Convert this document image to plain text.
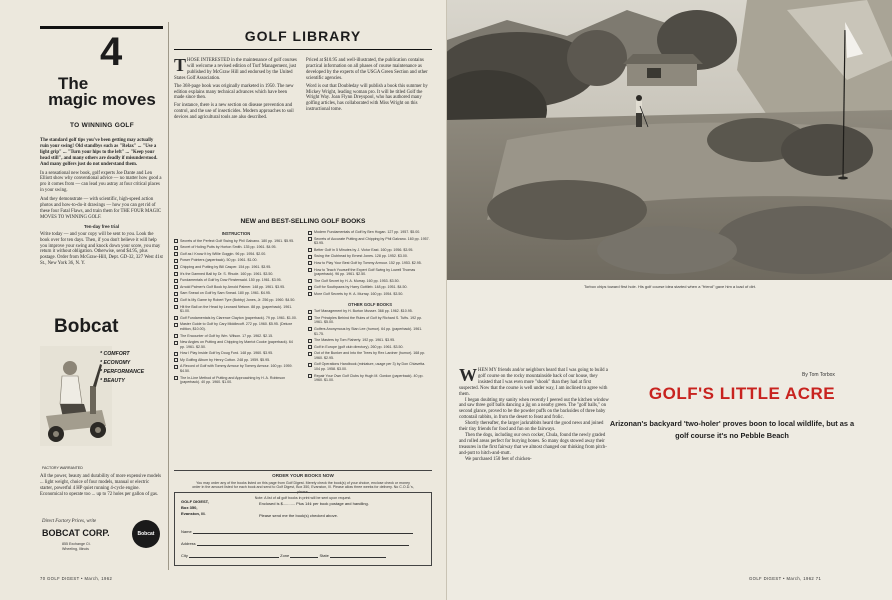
The
4
magic moves
TO WINNING GOLF

The standard golf tips you've been getting may actually ruin your swing! Old standbys such as "Relax" ... "Use a light grip" ... "Turn your hips to the left" ... "Keep your head still", and many others are deadly if misunderstood. And many golfers just do not understand them.

In a sensational new book, golf experts Joe Dante and Len Elliott show why conventional advice — no matter how good a pro it comes from — can lead you astray at four critical places in your swing.

And they demonstrate — with scientific, high-speed action photos and how-to-do-it drawings — how you can get rid of these four Fatal Flaws, and train them for THE FOUR MAGIC MOVES TO WINNING GOLF.

Ten-day free trial

Write today — and your copy will be sent to you. Look the book over for ten days. Then, if you don't believe it will help you improve your swing and knock down your score, you may return it without obligation. Otherwise, send $4.95, plus postage. Order from McGraw-Hill, Dept. GD-32, 327 West 41st St., New York 36, N. Y.

Bobcat
* COMFORT
* ECONOMY
* PERFORMANCE
* BEAUTY
FACTORY WARRANTED
All the power, beauty and durability of more expensive models ... light weight, choice of four models, manual or electric starter, powerful 4 HP quiet running 4-cycle engine. Economical to operate too ... up to 72 holes per gallon of gas.
Direct Factory Prices, write
BOBCAT CORP.
855 Exchange Ct.
Wheeling, Illinois
Bobcat
GOLF LIBRARY

THOSE INTERESTED in the maintenance of golf courses will welcome a revised edition of Turf Management, just published by McGraw Hill and endorsed by the United States Golf Association.

The 368-page book was originally marketed in 1950. The new edition explains many technical advances which have been made since then.

For instance, there is a new section on disease prevention and control, and the use of insecticides. Modern approaches to soil devices and agricultural tools are also described.

Priced at $10.95 and well-illustrated, the publication contains practical information on all phases of course maintenance as developed by the experts of the USGA Green Section and other scientific agencies.

Word is out that Doubleday will publish a book this summer by Mickey Wright, leading woman pro. It will be titled Golf the Wright Way. Joan Flynn Dreyspool, who has authored many golfing articles, has collaborated with Miss Wright on this instructional tome.

NEW and BEST-SELLING GOLF BOOKS
INSTRUCTION
Secrets of the Perfect Golf Swing by Phil Galvano. 180 pp. 1961. $5.95.
Secret of Holing Putts by Horton Smith. 135 pp. 1961. $4.95.
Golf as I Know It by Willie Goggin. 96 pp. 1954. $2.00.
Power Pointers (paperback). 50 pp. 1961. $1.00.
Chipping and Putting by Bill Casper. 154 pp. 1961. $3.95.
It's the Damned Ball by Dr. S. Rhude. 160 pp. 1961. $3.50.
Fundamentals of Golf by Dow Finsterwald. 150 pp. 1961. $3.95.
Arnold Palmer's Golf Book by Arnold Palmer. 148 pp. 1961. $3.95.
Sam Snead on Golf by Sam Snead. 180 pp. 1961. $4.95.
Golf Is My Game by Robert Tyre (Bobby) Jones, Jr. 256 pp. 1960. $4.50.
Hit the Ball on the Head by Leonard Nelson. 88 pp. (paperback). 1961. $1.00.
Golf Fundamentals by Clarence Clayton (paperback). 79 pp. 1961. $1.00.
Master Guide to Golf by Cary Middlecoff. 272 pp. 1960. $5.95. (Deluxe edition, $10.00).
The Encounter of Golf by Wm. Wilson. 17 pp. 1962. $2.15.
New Angles on Putting and Chipping by Marriot Cooke (paperback). 64 pp. 1961. $2.50.
How I Play Inside Golf by Doug Ford. 148 pp. 1960. $3.95.
My Golfing Album by Henry Cotton. 248 pp. 1959. $5.95.
A Record of Golf with Tommy Armour by Tommy Armour. 160 pp. 1959. $4.50.
The In-Line Method of Putting and Approaching by H. A. Robinson (paperback). 40 pp. 1960. $1.00.
Modern Fundamentals of Golf by Ben Hogan. 127 pp. 1957. $5.00.
Secrets of Accurate Putting and Chipping by Phil Galvano. 160 pp. 1957. $3.95.
Better Golf in 5 Minutes by J. Victor East. 160 pp. 1956. $3.95.
Swing the Clubhead by Ernest Jones. 128 pp. 1952. $3.00.
How to Play Your Best Golf by Tommy Armour. 152 pp. 1953. $2.95.
How to Teach Yourself the Expert Golf Swing by Lowell Thomas (paperback). 96 pp. 1961. $2.50.
The Golf Secret by H. A. Murray. 160 pp. 1953. $3.50.
Golf for Southpaws by Harry Gottlieb. 148 pp. 1951. $4.50.
More Golf Secrets by H. A. Murray. 160 pp. 1954. $3.50.
OTHER GOLF BOOKS
Turf Management by H. Burton Musser. 368 pp. 1962. $10.95.
The Principles Behind the Rules of Golf by Richard S. Tufts. 192 pp. 1961. $5.00.
Golfers Anonymous by Stan Lee (humor). 64 pp. (paperback). 1961. $1.75.
The Masters by Tom Flaherty. 192 pp. 1961. $3.95.
Golf in Europe (golf club directory). 260 pp. 1961. $3.50.
Out of the Bunker and Into the Trees by Rex Lardner (humor). 168 pp. 1960. $2.95.
Golf Operations Handbook (miniature, usage per 3) by Don Chiavetta. 104 pp. 1958. $3.00.
Repair Your Own Golf Clubs by Hugh M. Gordon (paperback). 40 pp. 1960. $1.00.
ORDER YOUR BOOKS NOW
You may order any of the books listed on this page from Golf Digest. Merely check the book(s) of your choice, enclose check or money order in the amount listed for each book and send to Golf Digest, Box 350, Evanston, Ill. Please allow three weeks for delivery. No C.O.D.'s, please.
Note: A list of all golf books in print will be sent upon request.
GOLF DIGEST,
Box 350,
Evanston, Ill.
Enclosed is $........... Plus 14¢ per book postage and handling.
Please send me the book(s) checked above.
Name
Address
City	Zone	State
70 GOLF DIGEST • March, 1962
Torbox chips toward first hole. His golf course idea started when a "friend" gave him a load of dirt.

WHEN MY friends and/or neighbors heard that I was going to build a golf course on the rocky mountainside back of our house, they insisted that I was even more "shook" than they had at first suspected. Now that the course is well under way, I am inclined to agree with them.

I began doubting my sanity when recently I peered out the kitchen window and saw three golf balls dancing a jig on a nearby green. The "golf balls," on second glance, proved to be the powder puffs on the backsides of three baby cottontail rabbits, in from the desert to feast and frolic.

Shortly thereafter, the larger jackrabbits heard the good news and joined their tiny friends for food and fun on the fairways.

Then the dogs, including our own cocker, Chula, found the newly graded and rolled areas perfect for burying bones. So many dogs stowed away their treasures in the first fairway that we almost changed our thinking from pitch-and-putt to hitch-and-mutt.

We purchased 150 feet of chicken-

By Tom Torbox
GOLF'S LITTLE ACRE
Arizonan's backyard 'two-holer' proves boon to local wildlife, but as a golf course it's no Pebble Beach
GOLF DIGEST • March, 1962 71
